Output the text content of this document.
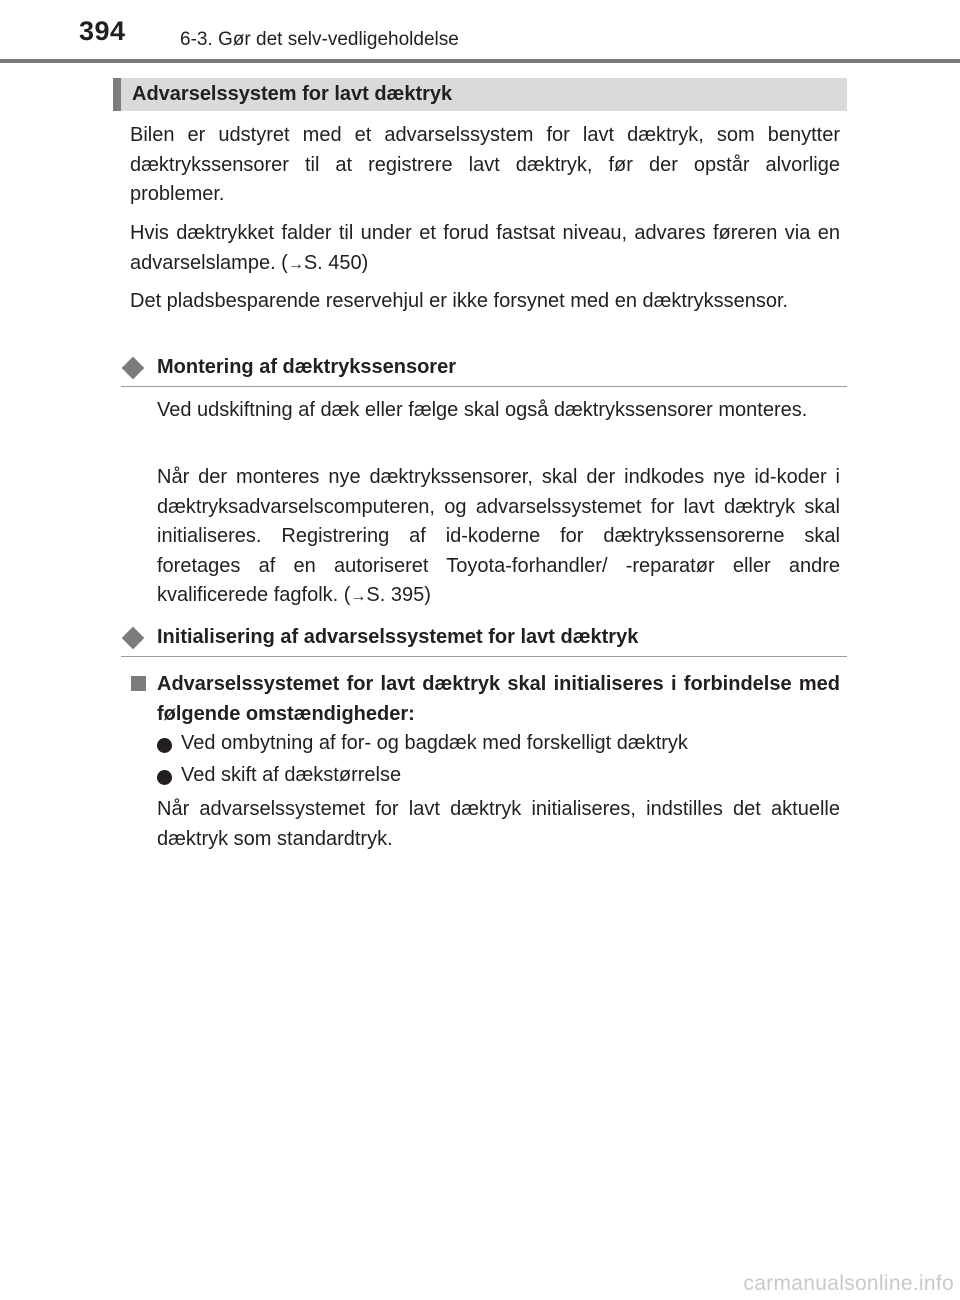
394	6-3. Gør det selv-vedligeholdelse
Advarselssystem for lavt dæktryk

Bilen er udstyret med et advarselssystem for lavt dæktryk, som benytter dæktrykssensorer til at registrere lavt dæktryk, før der opstår alvorlige problemer.

Hvis dæktrykket falder til under et forud fastsat niveau, advares føreren via en advarselslampe. (→S. 450)

Det pladsbesparende reservehjul er ikke forsynet med en dæktrykssensor.

Montering af dæktrykssensorer

Ved udskiftning af dæk eller fælge skal også dæktrykssensorer monteres.

Når der monteres nye dæktrykssensorer, skal der indkodes nye id-koder i dæktryksadvarselscomputeren, og advarselssystemet for lavt dæktryk skal initialiseres. Registrering af id-koderne for dæktrykssensorerne skal foretages af en autoriseret Toyota-forhandler/ -reparatør eller andre kvalificerede fagfolk. (→S. 395)

Initialisering af advarselssystemet for lavt dæktryk

Advarselssystemet for lavt dæktryk skal initialiseres i forbindelse med følgende omstændigheder:

Ved ombytning af for- og bagdæk med forskelligt dæktryk
Ved skift af dækstørrelse

Når advarselssystemet for lavt dæktryk initialiseres, indstilles det aktuelle dæktryk som standardtryk.

carmanualsonline.info
